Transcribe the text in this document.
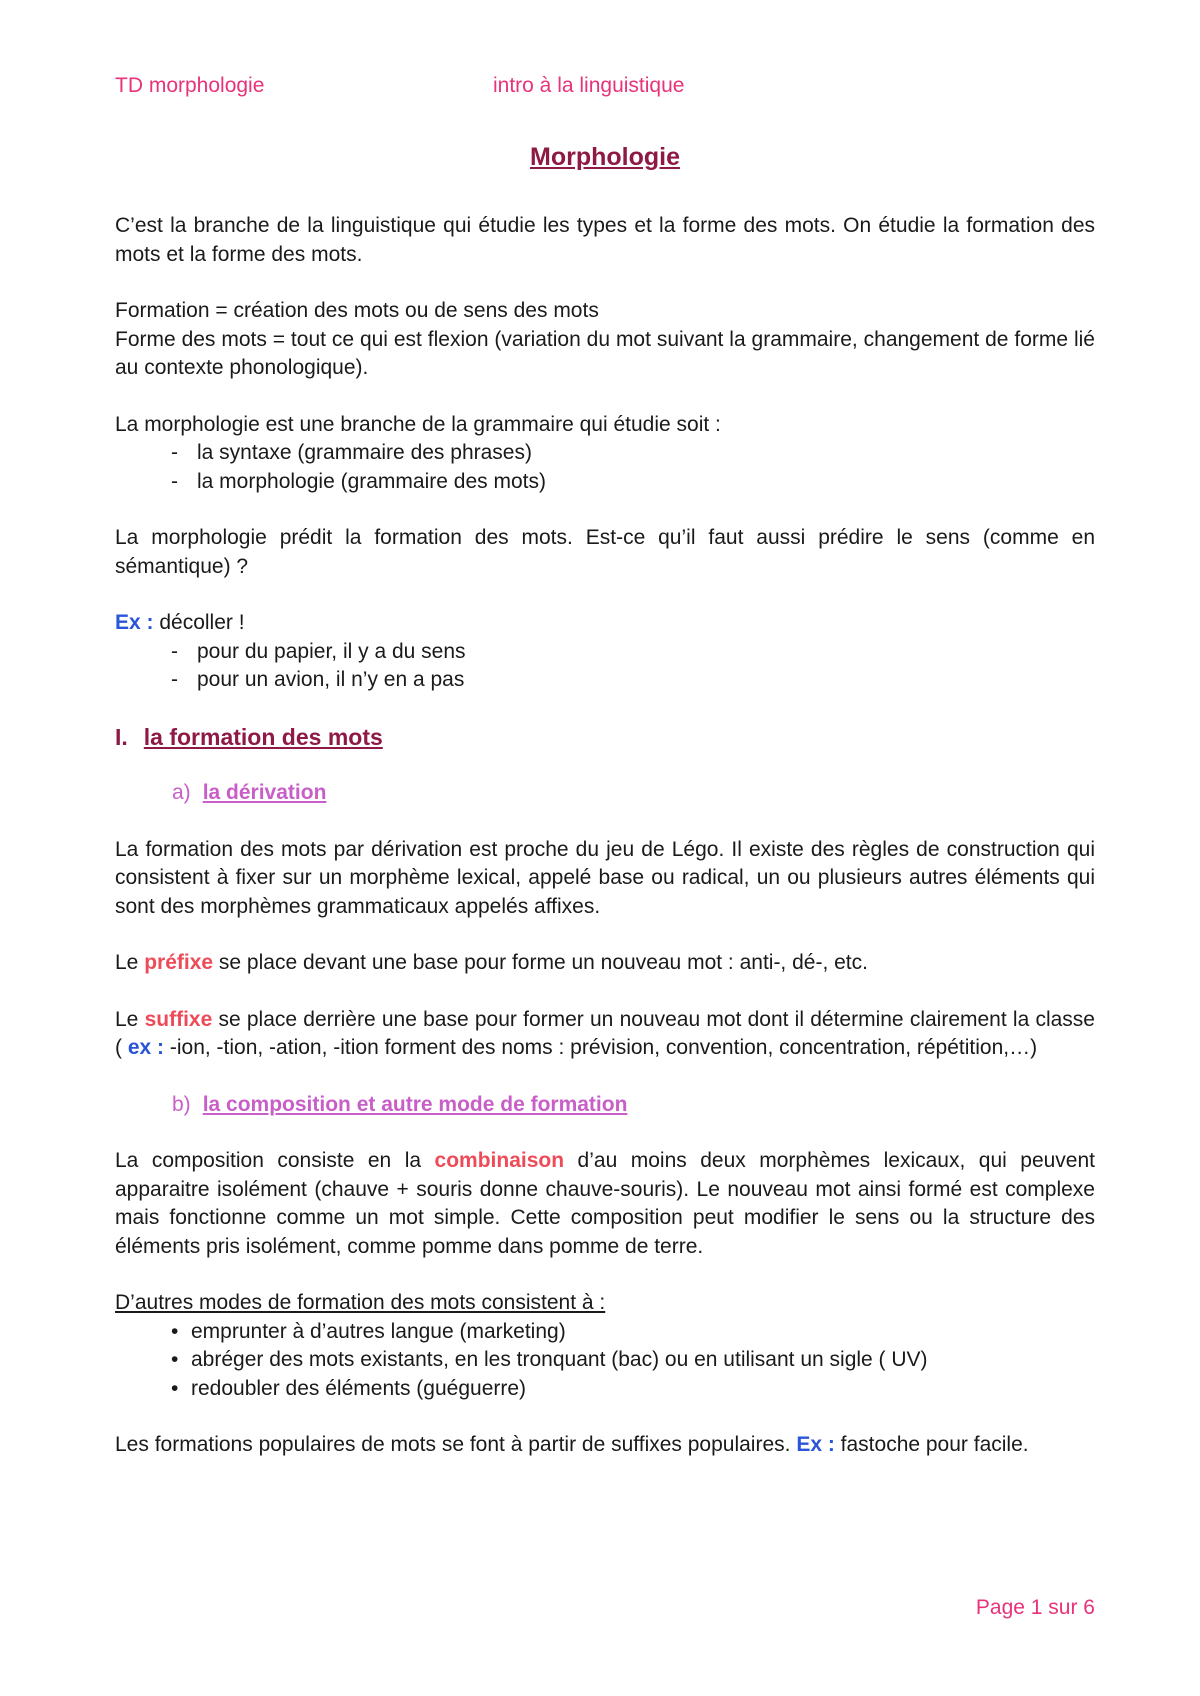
TD morphologie	intro à la linguistique
Morphologie

C’est la branche de la linguistique qui étudie les types et la forme des mots. On étudie la formation des mots et la forme des mots.

Formation = création des mots ou de sens des mots
Forme des mots = tout ce qui est flexion (variation du mot suivant la grammaire, changement de forme lié au contexte phonologique).

La morphologie est une branche de la grammaire qui étudie soit :
- la syntaxe (grammaire des phrases)
- la morphologie (grammaire des mots)

La morphologie prédit la formation des mots. Est-ce qu’il faut aussi prédire le sens (comme en sémantique) ?

Ex : décoller !
- pour du papier, il y a du sens
- pour un avion, il n’y en a pas
I. la formation des mots
a) la dérivation

La formation des mots par dérivation est proche du jeu de Légo. Il existe des règles de construction qui consistent à fixer sur un morphème lexical, appelé base ou radical, un ou plusieurs autres éléments qui sont des morphèmes grammaticaux appelés affixes.

Le préfixe se place devant une base pour forme un nouveau mot : anti-, dé-, etc.

Le suffixe se place derrière une base pour former un nouveau mot dont il détermine clairement la classe ( ex : -ion, -tion, -ation, -ition forment des noms : prévision, convention, concentration, répétition,…)

b) la composition et autre mode de formation

La composition consiste en la combinaison d’au moins deux morphèmes lexicaux, qui peuvent apparaitre isolément (chauve + souris donne chauve-souris). Le nouveau mot ainsi formé est complexe mais fonctionne comme un mot simple. Cette composition peut modifier le sens ou la structure des éléments pris isolément, comme pomme dans pomme de terre.

D’autres modes de formation des mots consistent à :
• emprunter à d’autres langue (marketing)
• abréger des mots existants, en les tronquant (bac) ou en utilisant un sigle ( UV)
• redoubler des éléments (guéguerre)

Les formations populaires de mots se font à partir de suffixes populaires. Ex : fastoche pour facile.

Page 1 sur 6
